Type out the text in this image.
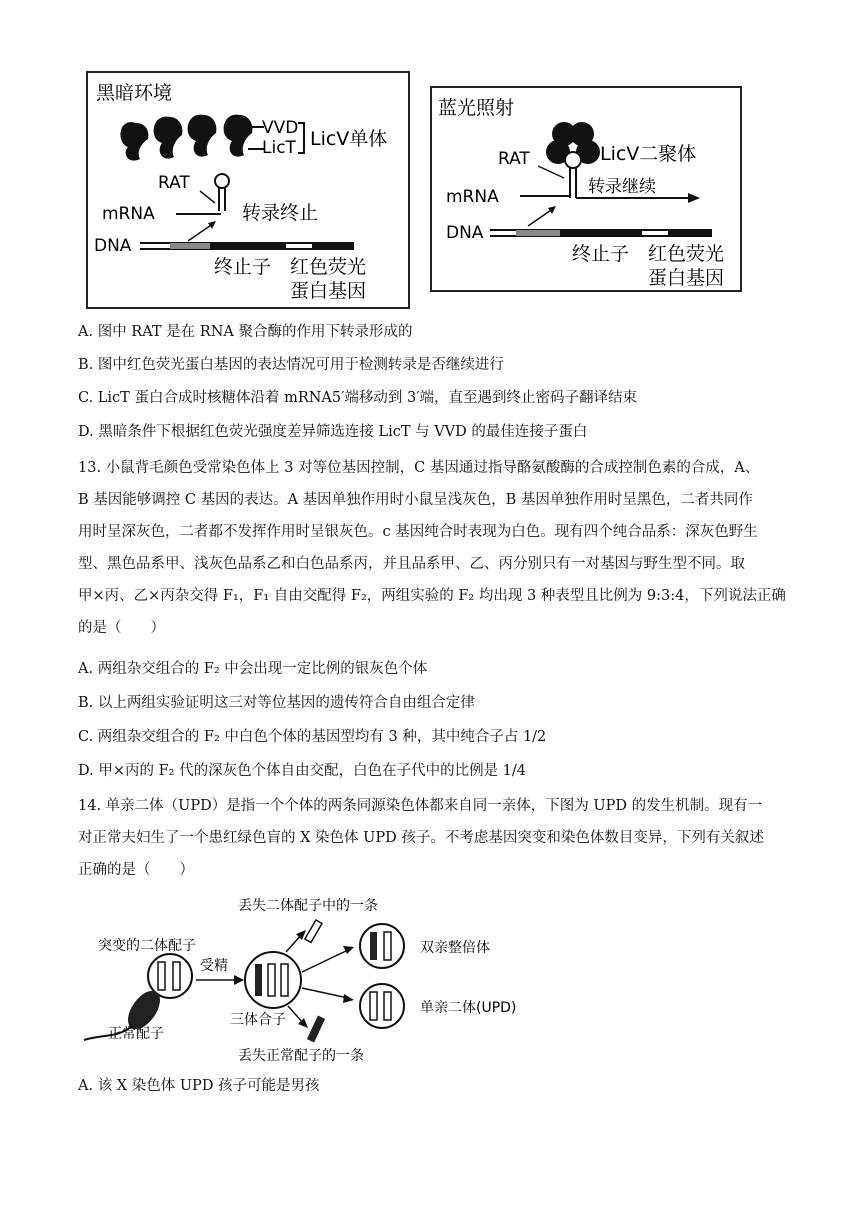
黑暗环境
VVD
LicT LicV单体
RAT
mRNA	转录终止
DNA
终止子 红色荧光
蛋白基因
蓝光照射
RAT	LicV二聚体
mRNA	转录继续
DNA
终止子 红色荧光
蛋白基因
A. 图中 RAT 是在 RNA 聚合酶的作用下转录形成的
B. 图中红色荧光蛋白基因的表达情况可用于检测转录是否继续进行
C. LicT 蛋白合成时核糖体沿着 mRNA5′端移动到 3′端，直至遇到终止密码子翻译结束
D. 黑暗条件下根据红色荧光强度差异筛选连接 LicT 与 VVD 的最佳连接子蛋白
13. 小鼠背毛颜色受常染色体上 3 对等位基因控制，C 基因通过指导酪氨酸酶的合成控制色素的合成，A、
B 基因能够调控 C 基因的表达。A 基因单独作用时小鼠呈浅灰色，B 基因单独作用时呈黑色，二者共同作
用时呈深灰色，二者都不发挥作用时呈银灰色。c 基因纯合时表现为白色。现有四个纯合品系：深灰色野生
型、黑色品系甲、浅灰色品系乙和白色品系丙，并且品系甲、乙、丙分别只有一对基因与野生型不同。取
甲×丙、乙×丙杂交得 F₁，F₁ 自由交配得 F₂，两组实验的 F₂ 均出现 3 种表型且比例为 9:3:4，下列说法正确
的是（　　）
A. 两组杂交组合的 F₂ 中会出现一定比例的银灰色个体
B. 以上两组实验证明这三对等位基因的遗传符合自由组合定律
C. 两组杂交组合的 F₂ 中白色个体的基因型均有 3 种，其中纯合子占 1/2
D. 甲×丙的 F₂ 代的深灰色个体自由交配，白色在子代中的比例是 1/4
14. 单亲二体（UPD）是指一个个体的两条同源染色体都来自同一亲体，下图为 UPD 的发生机制。现有一
对正常夫妇生了一个患红绿色盲的 X 染色体 UPD 孩子。不考虑基因突变和染色体数目变异，下列有关叙述
正确的是（　　）
丢失二体配子中的一条
突变的二体配子
正常配子
受精
三体合子
丢失正常配子的一条
双亲整倍体
单亲二体(UPD)
A. 该 X 染色体 UPD 孩子可能是男孩
